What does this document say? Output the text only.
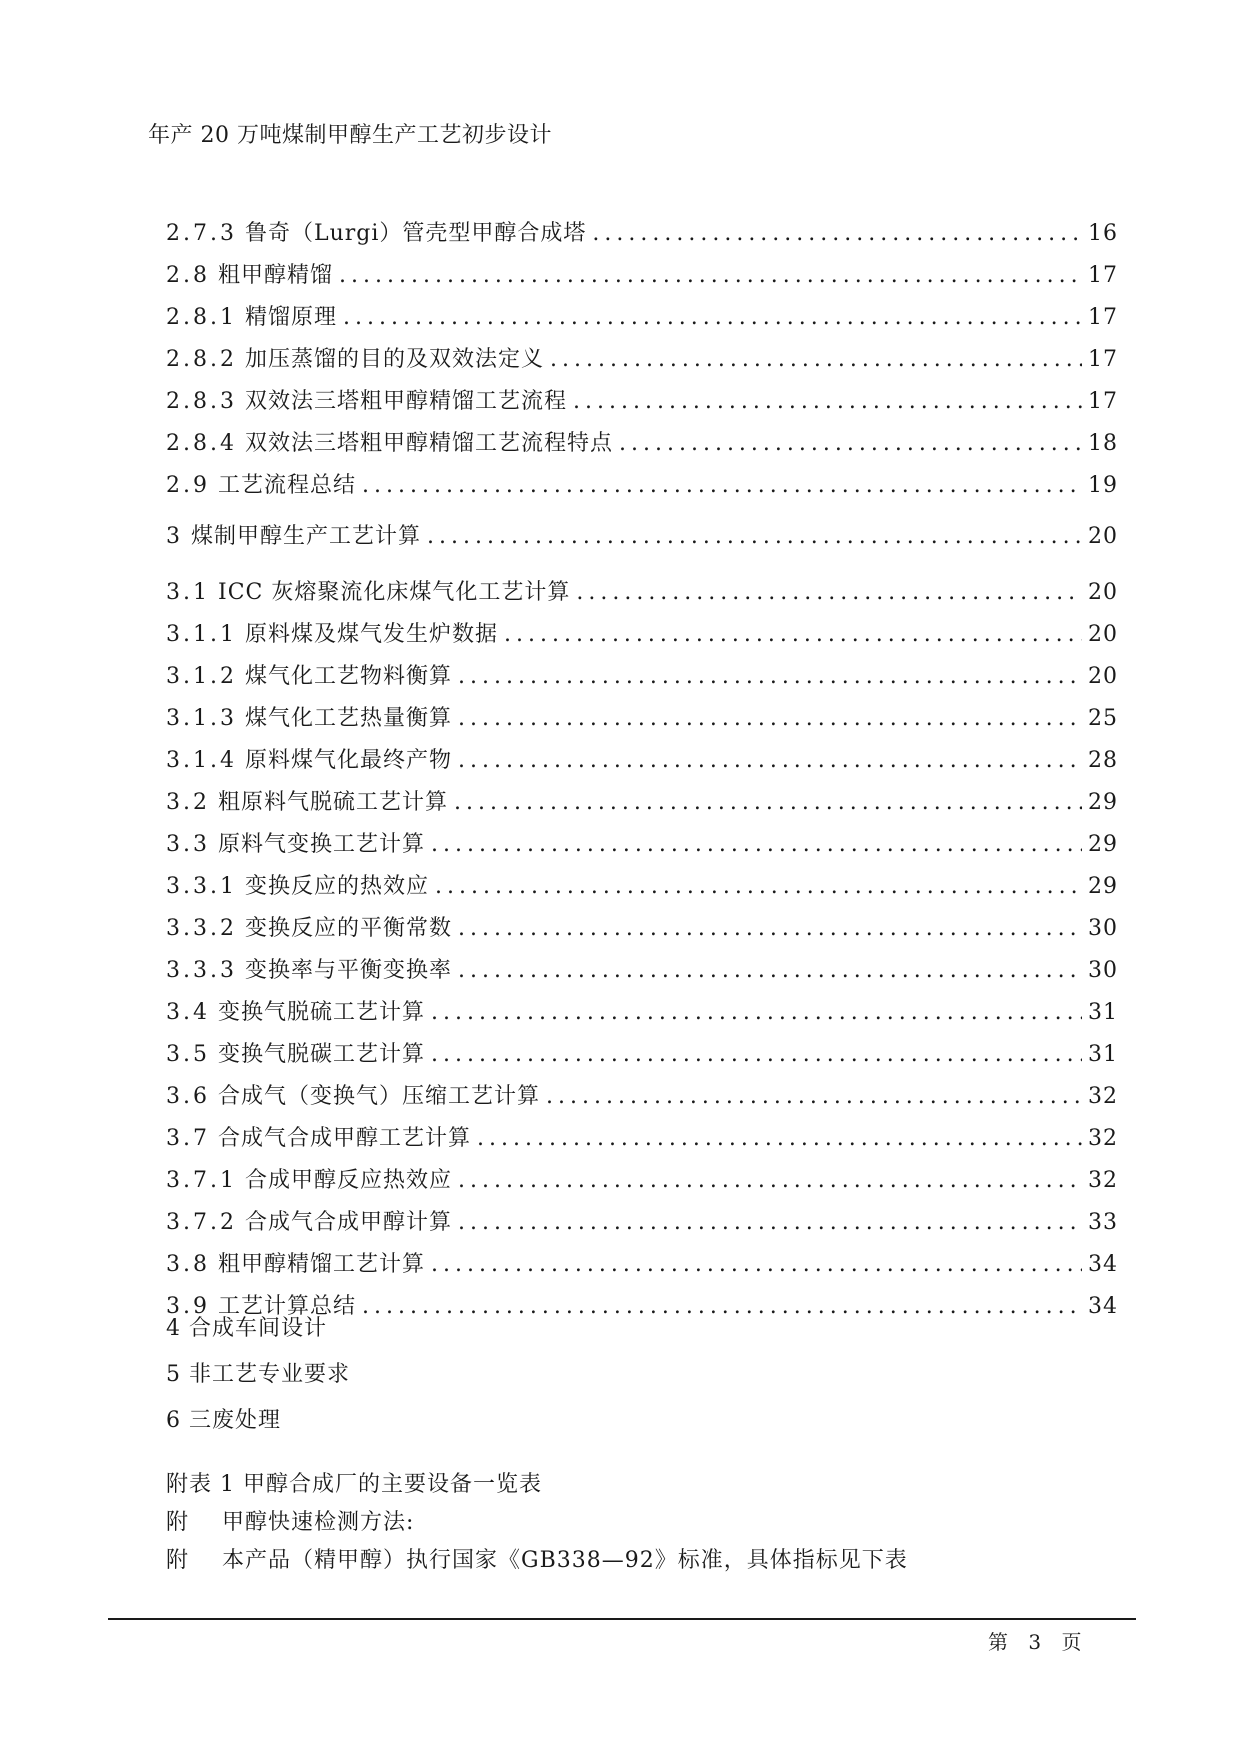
年产 20 万吨煤制甲醇生产工艺初步设计
2.7.3 鲁奇（Lurgi）管壳型甲醇合成塔 .....	16
2.8 粗甲醇精馏 .....	17
2.8.1 精馏原理 .....	17
2.8.2 加压蒸馏的目的及双效法定义 .....	17
2.8.3 双效法三塔粗甲醇精馏工艺流程 .....	17
2.8.4 双效法三塔粗甲醇精馏工艺流程特点 .....	18
2.9 工艺流程总结 .....	19
3 煤制甲醇生产工艺计算 .....	20
3.1 ICC 灰熔聚流化床煤气化工艺计算 .....	20
3.1.1 原料煤及煤气发生炉数据 .....	20
3.1.2 煤气化工艺物料衡算 .....	20
3.1.3 煤气化工艺热量衡算 .....	25
3.1.4 原料煤气化最终产物 .....	28
3.2 粗原料气脱硫工艺计算 .....	29
3.3 原料气变换工艺计算 .....	29
3.3.1 变换反应的热效应 .....	29
3.3.2 变换反应的平衡常数 .....	30
3.3.3 变换率与平衡变换率 .....	30
3.4 变换气脱硫工艺计算 .....	31
3.5 变换气脱碳工艺计算 .....	31
3.6 合成气（变换气）压缩工艺计算 .....	32
3.7 合成气合成甲醇工艺计算 .....	32
3.7.1 合成甲醇反应热效应 .....	32
3.7.2 合成气合成甲醇计算 .....	33
3.8 粗甲醇精馏工艺计算 .....	34
3.9 工艺计算总结 .....	34
4 合成车间设计
5 非工艺专业要求
6 三废处理
附表 1 甲醇合成厂的主要设备一览表
附 甲醇快速检测方法:
附 本产品（精甲醇）执行国家《GB338—92》标准，具体指标见下表
第 3 页
